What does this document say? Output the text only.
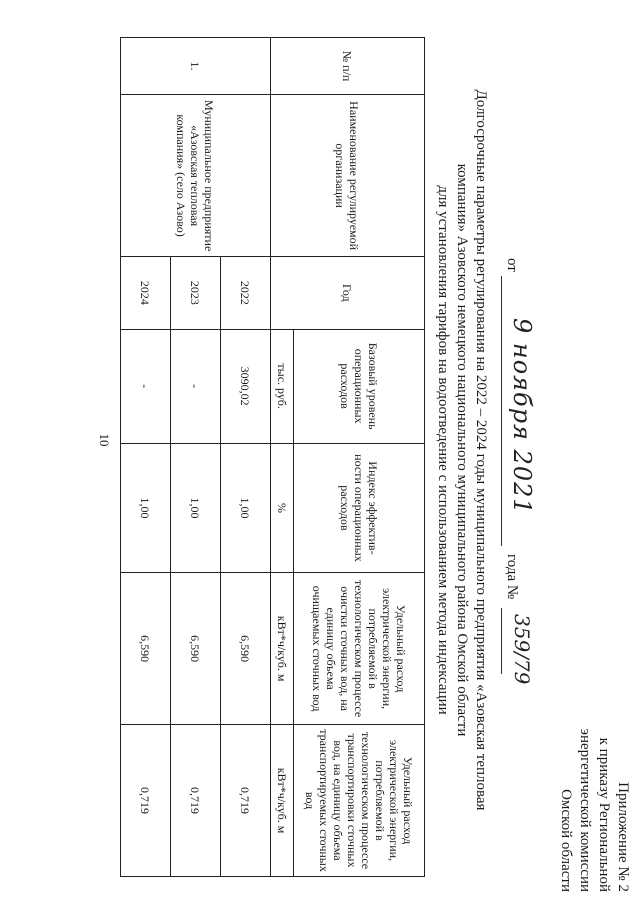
10
Приложение № 2
к приказу Региональной
энергетической комиссии
Омской области
от
9 ноября 2021
года №
359/79
Долгосрочные параметры регулирования на 2022 – 2024 годы муниципального предприятия «Азовская тепловая
компания» Азовского немецкого национального муниципального района Омской области
для установления тарифов на водоотведение с использованием метода индексации
№ п/п	Наименование регулируемой организации	Год	Базовый уровень операционных расходов	Индекс эффектив-ности операционных расходов	Удельный расход электрической энергии, потребляемой в технологическом процессе очистки сточных вод, на единицу объема очищаемых сточных вод	Удельный расход электрической энергии, потребляемой в технологическом процессе транспортировки сточных вод, на единицу объема транспортируемых сточных вод
			тыс. руб.	%	кВт*ч/куб. м	кВт*ч/куб. м
1.	Муниципальное предприятие «Азовская тепловая компания» (село Азово)	2022	3090,02	1,00	6,590	0,719
		2023	-	1,00	6,590	0,719
		2024	-	1,00	6,590	0,719
